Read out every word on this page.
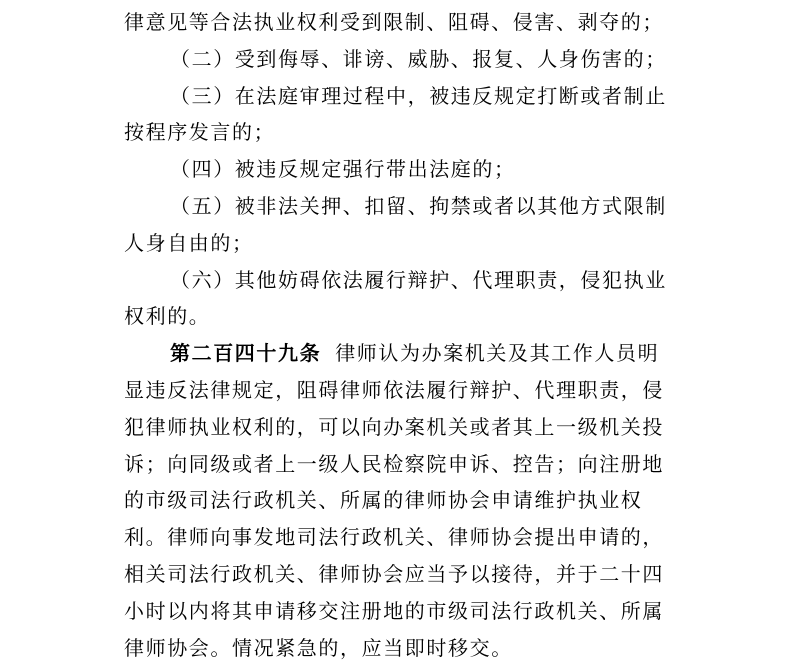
律意见等合法执业权利受到限制、阻碍、侵害、剥夺的；
（二）受到侮辱、诽谤、威胁、报复、人身伤害的；
（三）在法庭审理过程中，被违反规定打断或者制止
按程序发言的；
（四）被违反规定强行带出法庭的；
（五）被非法关押、扣留、拘禁或者以其他方式限制
人身自由的；
（六）其他妨碍依法履行辩护、代理职责，侵犯执业
权利的。
第二百四十九条 律师认为办案机关及其工作人员明
显违反法律规定，阻碍律师依法履行辩护、代理职责，侵
犯律师执业权利的，可以向办案机关或者其上一级机关投
诉；向同级或者上一级人民检察院申诉、控告；向注册地
的市级司法行政机关、所属的律师协会申请维护执业权
利。律师向事发地司法行政机关、律师协会提出申请的，
相关司法行政机关、律师协会应当予以接待，并于二十四
小时以内将其申请移交注册地的市级司法行政机关、所属
律师协会。情况紧急的，应当即时移交。
